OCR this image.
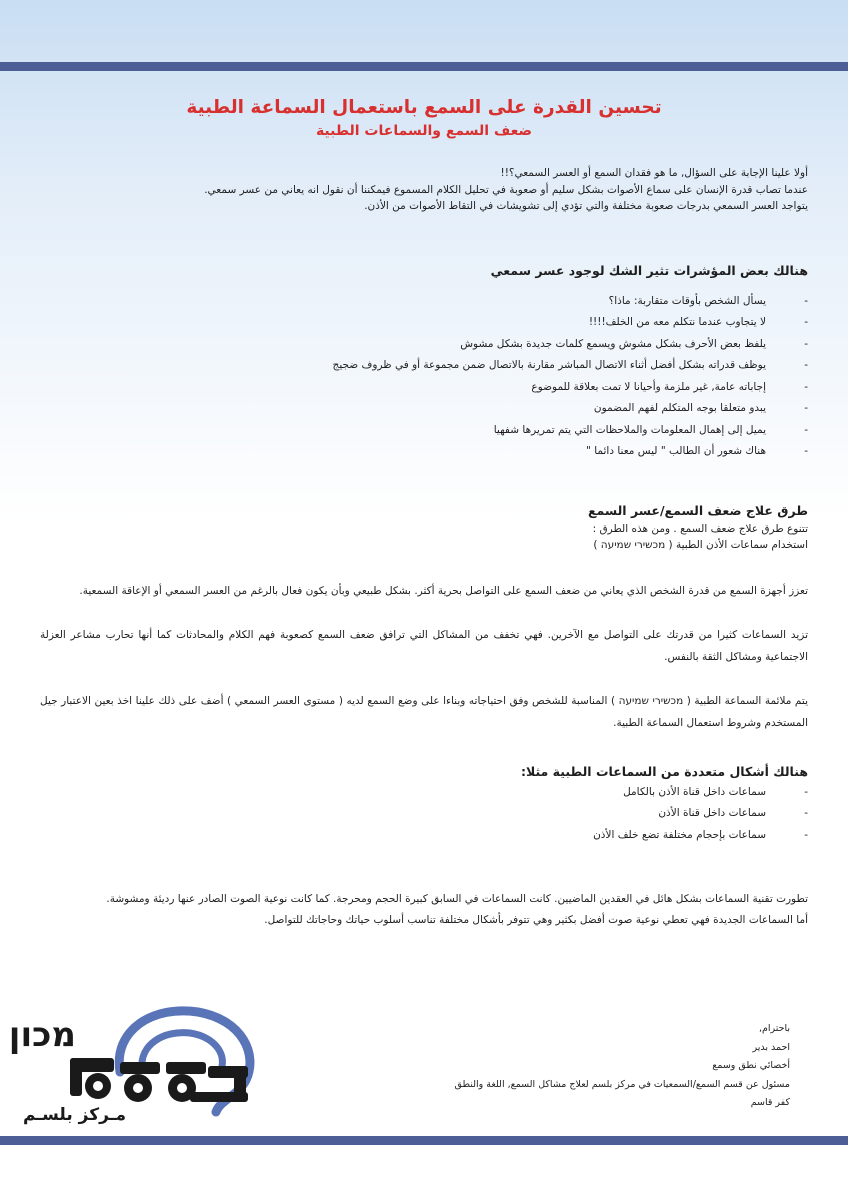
تحسين القدرة على السمع باستعمال السماعة الطبية
ضعف السمع والسماعات الطبية

أولا علينا الإجابة على السؤال, ما هو فقدان السمع أو العسر السمعي؟!!

عندما تصاب قدرة الإنسان على سماع الأصوات بشكل سليم أو صعوبة في تحليل الكلام المسموع فيمكننا أن نقول انه يعاني من عسر سمعي.

يتواجد العسر السمعي بدرجات صعوبة مختلفة والتي تؤدي إلى تشويشات في التقاط الأصوات من الأذن.

هنالك بعض المؤشرات تثير الشك لوجود عسر سمعي
- يسأل الشخص بأوقات متقاربة: ماذا؟
- لا يتجاوب عندما نتكلم معه من الخلف!!!!
- يلفظ بعض الأحرف بشكل مشوش ويسمع كلمات جديدة بشكل مشوش
- يوظف قدراته بشكل أفضل أثناء الاتصال المباشر مقارنة بالاتصال ضمن مجموعة أو في ظروف ضجيج
- إجاباته عامة, غير ملزمة وأحيانا لا تمت بعلاقة للموضوع
- يبدو متعلقا بوجه المتكلم لفهم المضمون
- يميل إلى إهمال المعلومات والملاحظات التي يتم تمريرها شفهيا
- هناك شعور أن الطالب " ليس معنا دائما "
طرق علاج ضعف السمع/عسر السمع

تتنوع طرق علاج ضعف السمع . ومن هذه الطرق :

استخدام سماعات الأذن الطبية ( מכשירי שמיעה )

تعزز أجهزة السمع من قدرة الشخص الذي يعاني من ضعف السمع على التواصل بحرية أكثر. بشكل طبيعي وبأن يكون فعال بالرغم من العسر السمعي أو الإعاقة السمعية.

تزيد السماعات كثيرا من قدرتك على التواصل مع الآخرين. فهي تخفف من المشاكل التي ترافق ضعف السمع كصعوبة فهم الكلام والمحادثات كما أنها تحارب مشاعر العزلة الاجتماعية ومشاكل الثقة بالنفس.

يتم ملائمة السماعة الطبية ( מכשירי שמיעה ) المناسبة للشخص وفق احتياجاته وبناءا على وضع السمع لديه ( مستوى العسر السمعي ) أضف على ذلك علينا اخذ بعين الاعتبار جيل المستخدم وشروط استعمال السماعة الطبية.

هنالك أشكال متعددة من السماعات الطبية مثلا:
- سماعات داخل قناة الأذن بالكامل
- سماعات داخل قناة الأذن
- سماعات بإحجام مختلفة تضع خلف الأذن

تطورت تقنية السماعات بشكل هائل في العقدين الماضيين. كانت السماعات في السابق كبيرة الحجم ومحرجة. كما كانت نوعية الصوت الصادر عنها ردیئة ومشوشة.

أما السماعات الجديدة فهي تعطي نوعية صوت أفضل بكثير وهي تتوفر بأشكال مختلفة تناسب أسلوب حياتك وحاجاتك للتواصل.

باحترام,

احمد بدير

أخصائي نطق وسمع

مسئول عن قسم السمع/السمعيات في مركز بلسم لعلاج مشاكل السمع, اللغة والنطق

كفر قاسم

מכון
مـركز بلسـم
